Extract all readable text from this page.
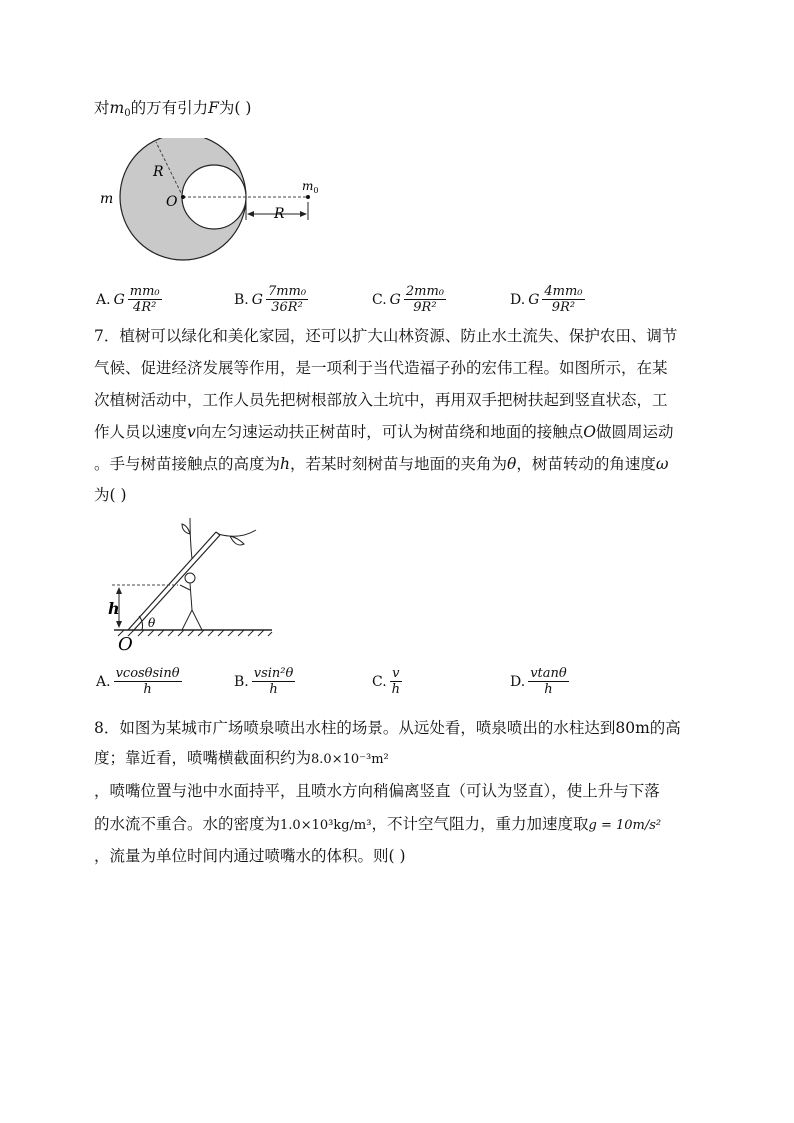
对$m_0$的万有引力F为( )
m
R
O
R
$m_0$
A. G $\frac{\text{mm₀}}{\text{4R²}}$	B. G $\frac{\text{7mm₀}}{\text{36R²}}$	C. G $\frac{\text{2mm₀}}{\text{9R²}}$	D. G $\frac{\text{4mm₀}}{\text{9R²}}$
7．植树可以绿化和美化家园，还可以扩大山林资源、防止水土流失、保护农田、调节
气候、促进经济发展等作用，是一项利于当代造福子孙的宏伟工程。如图所示，在某
次植树活动中，工作人员先把树根部放入土坑中，再用双手把树扶起到竖直状态，工
作人员以速度v向左匀速运动扶正树苗时，可认为树苗绕和地面的接触点O做圆周运动
。手与树苗接触点的高度为h，若某时刻树苗与地面的夹角为θ，树苗转动的角速度ω
为( )
h
θ
O
A. $\frac{vcos\theta\sin\theta}{h}$	B. $\frac{\text{vsin²θ}}{h}$	C. $\frac{v}{h}$	D. $\frac{vtan\theta}{h}$
8．如图为某城市广场喷泉喷出水柱的场景。从远处看，喷泉喷出的水柱达到80m的高
度；靠近看，喷嘴横截面积约为8.0×10⁻³m²
，喷嘴位置与池中水面持平，且喷水方向稍偏离竖直（可认为竖直），使上升与下落
的水流不重合。水的密度为1.0×10³kg/m³，不计空气阻力，重力加速度取g = 10m/s²
，流量为单位时间内通过喷嘴水的体积。则( )
